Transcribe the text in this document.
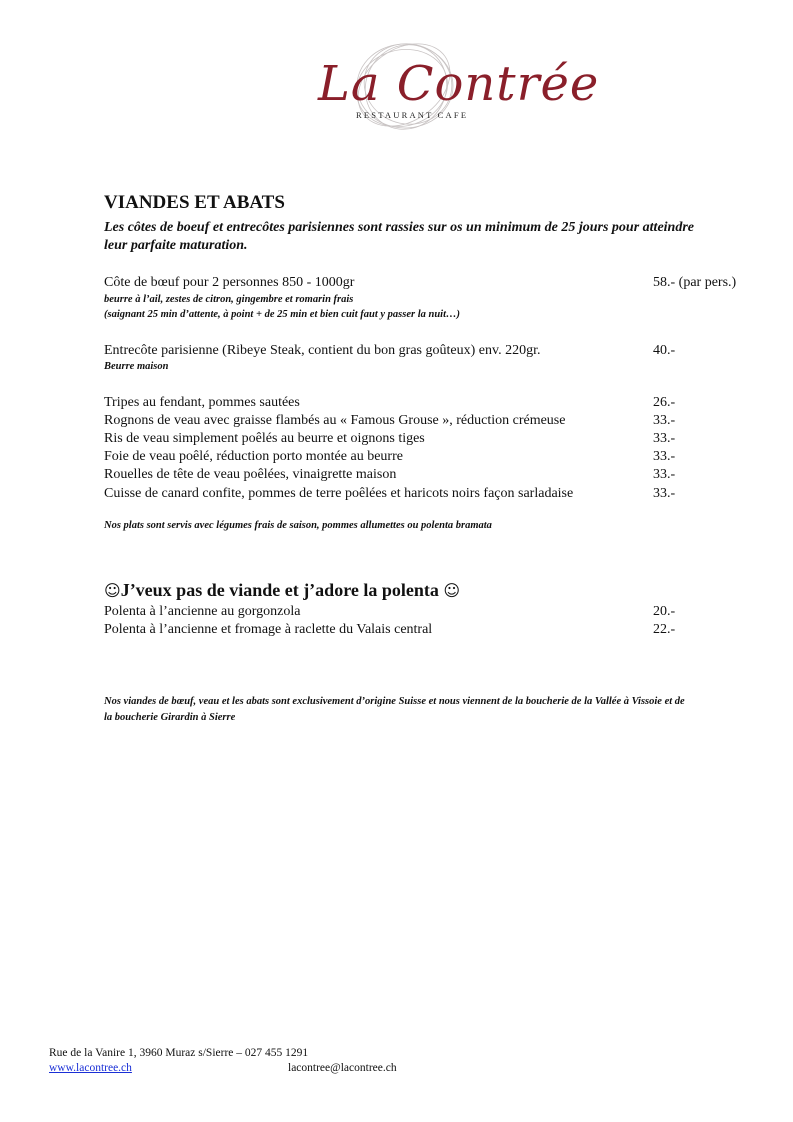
La Contrée
RESTAURANT CAFE
VIANDES ET ABATS

Les côtes de boeuf et entrecôtes parisiennes sont rassies sur os un minimum de 25 jours pour atteindre leur parfaite maturation.

Côte de bœuf pour 2 personnes 850 - 1000gr	58.- (par pers.)
beurre à l’ail, zestes de citron, gingembre et romarin frais
(saignant 25 min d’attente, à point + de 25 min et bien cuit faut y passer la nuit…)
Entrecôte parisienne (Ribeye Steak, contient du bon gras goûteux) env. 220gr.	40.-
Beurre maison
Tripes au fendant, pommes sautées	26.-
Rognons de veau avec graisse flambés au « Famous Grouse », réduction crémeuse	33.-
Ris de veau simplement poêlés au beurre et oignons tiges	33.-
Foie de veau poêlé, réduction porto montée au beurre	33.-
Rouelles de tête de veau poêlées, vinaigrette maison	33.-
Cuisse de canard confite, pommes de terre poêlées et haricots noirs façon sarladaise	33.-
Nos plats sont servis avec légumes frais de saison, pommes allumettes ou polenta bramata
☺J’veux pas de viande et j’adore la polenta ☺
Polenta à l’ancienne au gorgonzola	20.-
Polenta à l’ancienne et fromage à raclette du Valais central	22.-
Nos viandes de bœuf, veau et les abats sont exclusivement d’origine Suisse et nous viennent de la boucherie de la Vallée à Vissoie et de la boucherie Girardin à Sierre
Rue de la Vanire 1, 3960 Muraz s/Sierre – 027 455 1291
www.lacontree.ch	lacontree@lacontree.ch
